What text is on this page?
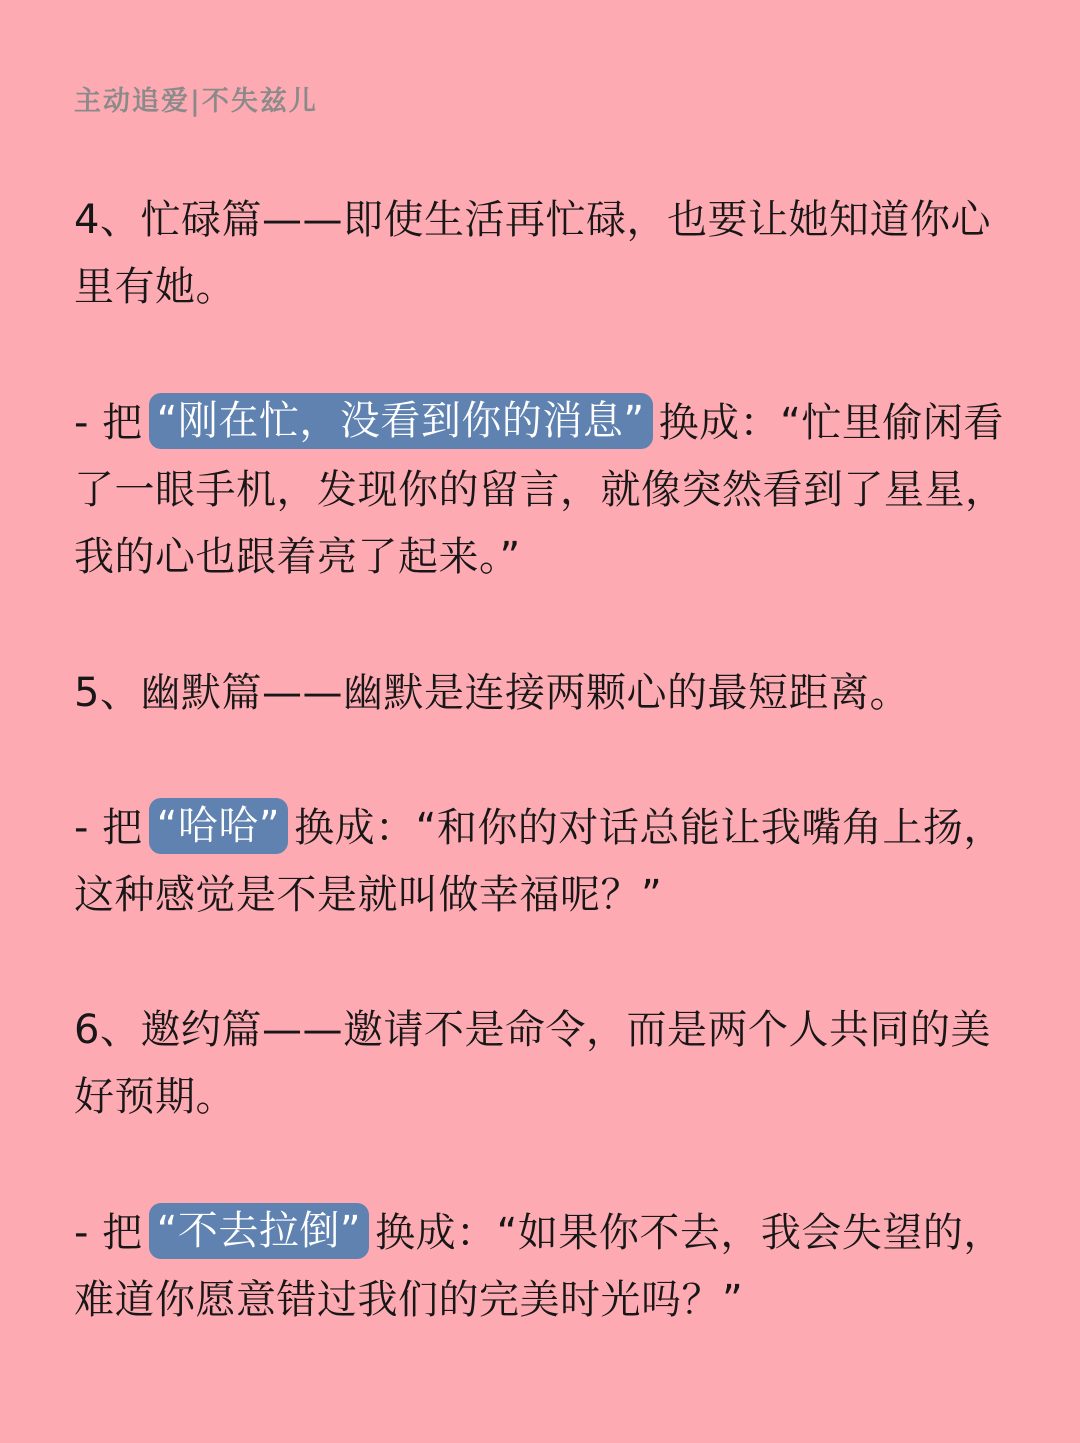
主动追爱|不失兹儿
4、忙碌篇——即使生活再忙碌，也要让她知道你心里有她。
- 把 “刚在忙，没看到你的消息” 换成：“忙里偷闲看了一眼手机，发现你的留言，就像突然看到了星星，我的心也跟着亮了起来。”
5、幽默篇——幽默是连接两颗心的最短距离。
- 把 “哈哈” 换成：“和你的对话总能让我嘴角上扬，这种感觉是不是就叫做幸福呢？”
6、邀约篇——邀请不是命令，而是两个人共同的美好预期。
- 把 “不去拉倒” 换成：“如果你不去，我会失望的，难道你愿意错过我们的完美时光吗？”
